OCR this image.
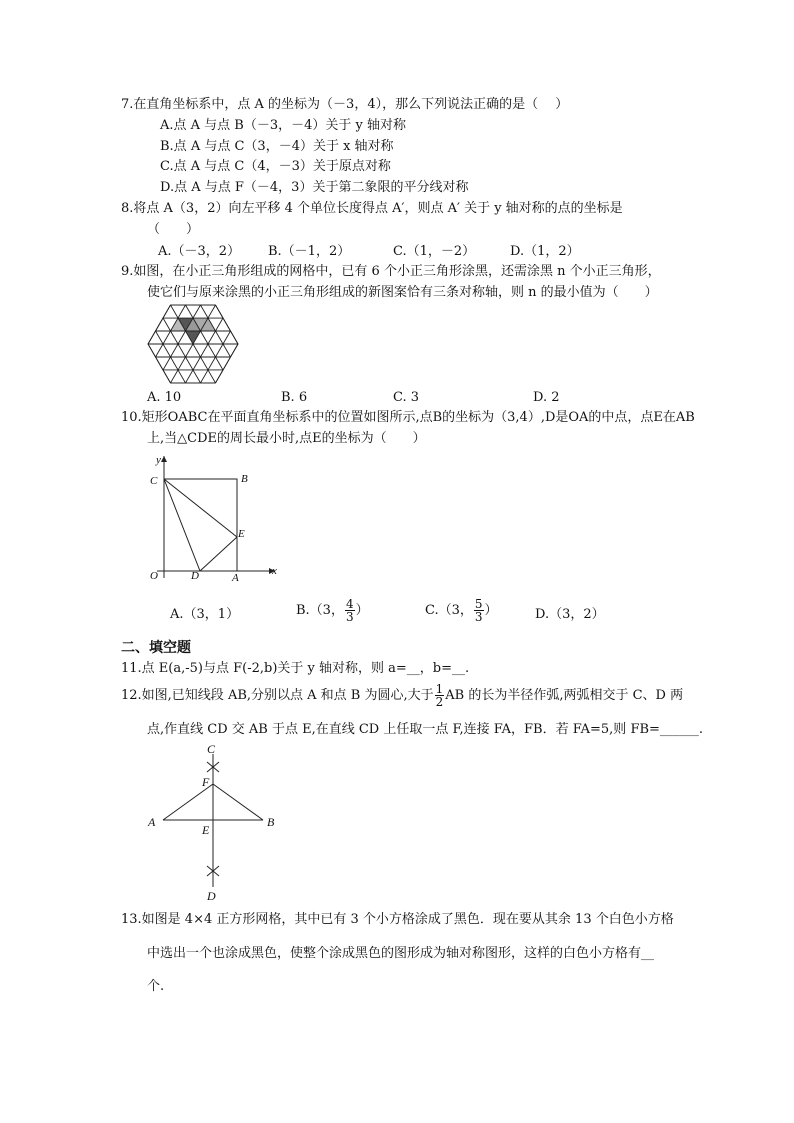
7.在直角坐标系中，点 A 的坐标为（－3，4），那么下列说法正确的是（　 ）
A.点 A 与点 B（－3，－4）关于 y 轴对称
B.点 A 与点 C（3，－4）关于 x 轴对称
C.点 A 与点 C（4，－3）关于原点对称
D.点 A 与点 F（－4，3）关于第二象限的平分线对称
8.将点 A（3，2）向左平移 4 个单位长度得点 A′，则点 A′ 关于 y 轴对称的点的坐标是
（　　）
A.（－3，2） B.（－1，2）	C.（1，－2）	D.（1，2）
9.如图，在小正三角形组成的网格中，已有 6 个小正三角形涂黑，还需涂黑 n 个小正三角形，
使它们与原来涂黑的小正三角形组成的新图案恰有三条对称轴，则 n 的最小值为（　　）
A. 10	B. 6	C. 3	D. 2
10.矩形OABC在平面直角坐标系中的位置如图所示,点B的坐标为（3,4）,D是OA的中点，点E在AB
上,当△CDE的周长最小时,点E的坐标为（　　）
y
x
O
C	B
E
D	A
A.（3，1）	B.（3， $\frac{4}{3}$ ）	C.（3， $\frac{5}{3}$ ）	D.（3，2）
二、填空题
11.点 E(a,-5)与点 F(-2,b)关于 y 轴对称，则 a=__，b=__.
12.如图,已知线段 AB,分别以点 A 和点 B 为圆心,大于 $\frac{1}{2}$ AB 的长为半径作弧,两弧相交于 C、D 两
点,作直线 CD 交 AB 于点 E,在直线 CD 上任取一点 F,连接 FA，FB．若 FA=5,则 FB=______.
C
F
A
E
B
D
13.如图是 4×4 正方形网格，其中已有 3 个小方格涂成了黑色．现在要从其余 13 个白色小方格
中选出一个也涂成黑色，使整个涂成黑色的图形成为轴对称图形，这样的白色小方格有__
个.
